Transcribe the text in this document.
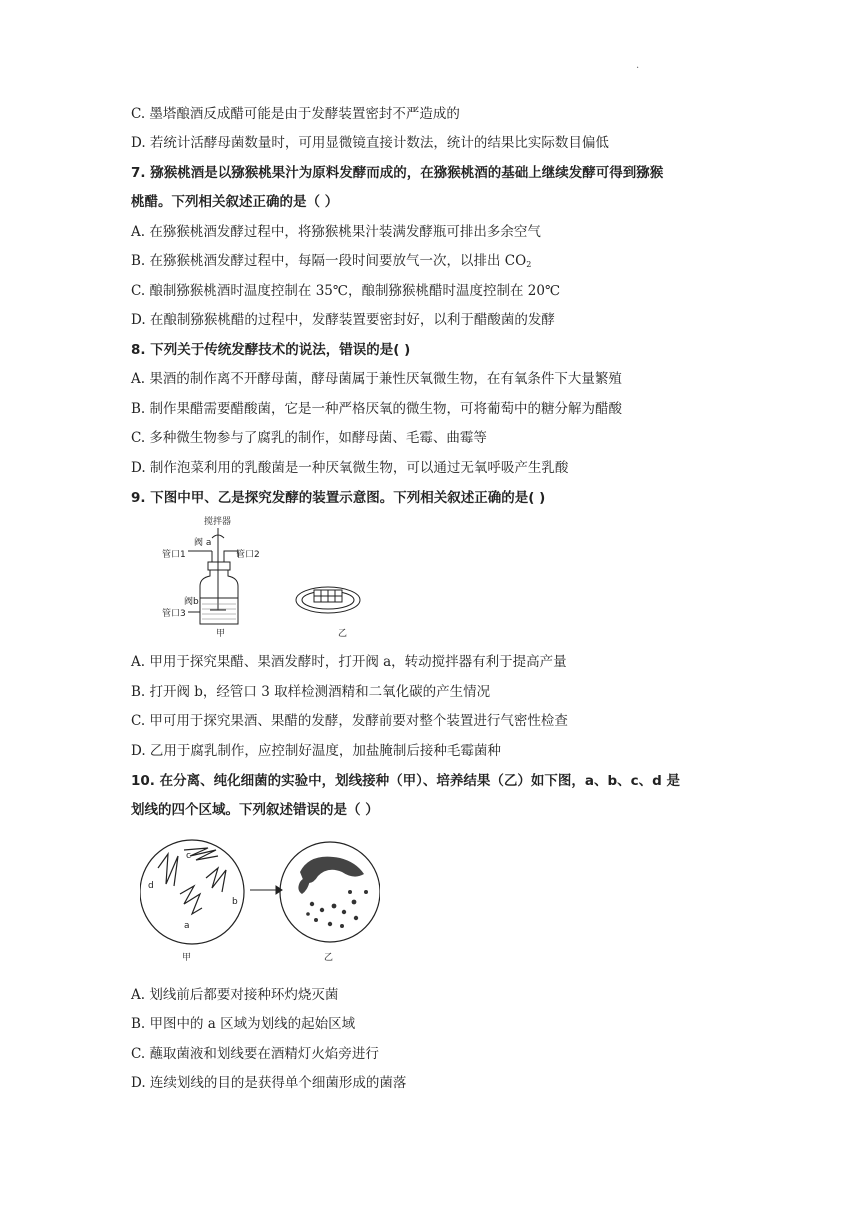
.
C. 墨塔酿酒反成醋可能是由于发酵装置密封不严造成的
D. 若统计活酵母菌数量时，可用显微镜直接计数法，统计的结果比实际数目偏低
7. 猕猴桃酒是以猕猴桃果汁为原料发酵而成的，在猕猴桃酒的基础上继续发酵可得到猕猴
桃醋。下列相关叙述正确的是（ ）
A. 在猕猴桃酒发酵过程中，将猕猴桃果汁装满发酵瓶可排出多余空气
B. 在猕猴桃酒发酵过程中，每隔一段时间要放气一次，以排出 $CO_2$
C. 酿制猕猴桃酒时温度控制在 35℃，酿制猕猴桃醋时温度控制在 20℃
D. 在酿制猕猴桃醋的过程中，发酵装置要密封好，以利于醋酸菌的发酵
8. 下列关于传统发酵技术的说法，错误的是( )
A. 果酒的制作离不开酵母菌，酵母菌属于兼性厌氧微生物，在有氧条件下大量繁殖
B. 制作果醋需要醋酸菌，它是一种严格厌氧的微生物，可将葡萄中的糖分解为醋酸
C. 多种微生物参与了腐乳的制作，如酵母菌、毛霉、曲霉等
D. 制作泡菜利用的乳酸菌是一种厌氧微生物，可以通过无氧呼吸产生乳酸
9. 下图中甲、乙是探究发酵的装置示意图。下列相关叙述正确的是( )
搅拌器
阀 a
管口1	管口2
阀b
管口3
甲	乙
A. 甲用于探究果醋、果酒发酵时，打开阀 a，转动搅拌器有利于提高产量
B. 打开阀 b，经管口 3 取样检测酒精和二氧化碳的产生情况
C. 甲可用于探究果酒、果醋的发酵，发酵前要对整个装置进行气密性检查
D. 乙用于腐乳制作，应控制好温度，加盐腌制后接种毛霉菌种
10. 在分离、纯化细菌的实验中，划线接种（甲）、培养结果（乙）如下图，a、b、c、d 是
划线的四个区域。下列叙述错误的是（ ）
a
b
c
d
甲	乙
A. 划线前后都要对接种环灼烧灭菌
B. 甲图中的 a 区域为划线的起始区域
C. 蘸取菌液和划线要在酒精灯火焰旁进行
D. 连续划线的目的是获得单个细菌形成的菌落
